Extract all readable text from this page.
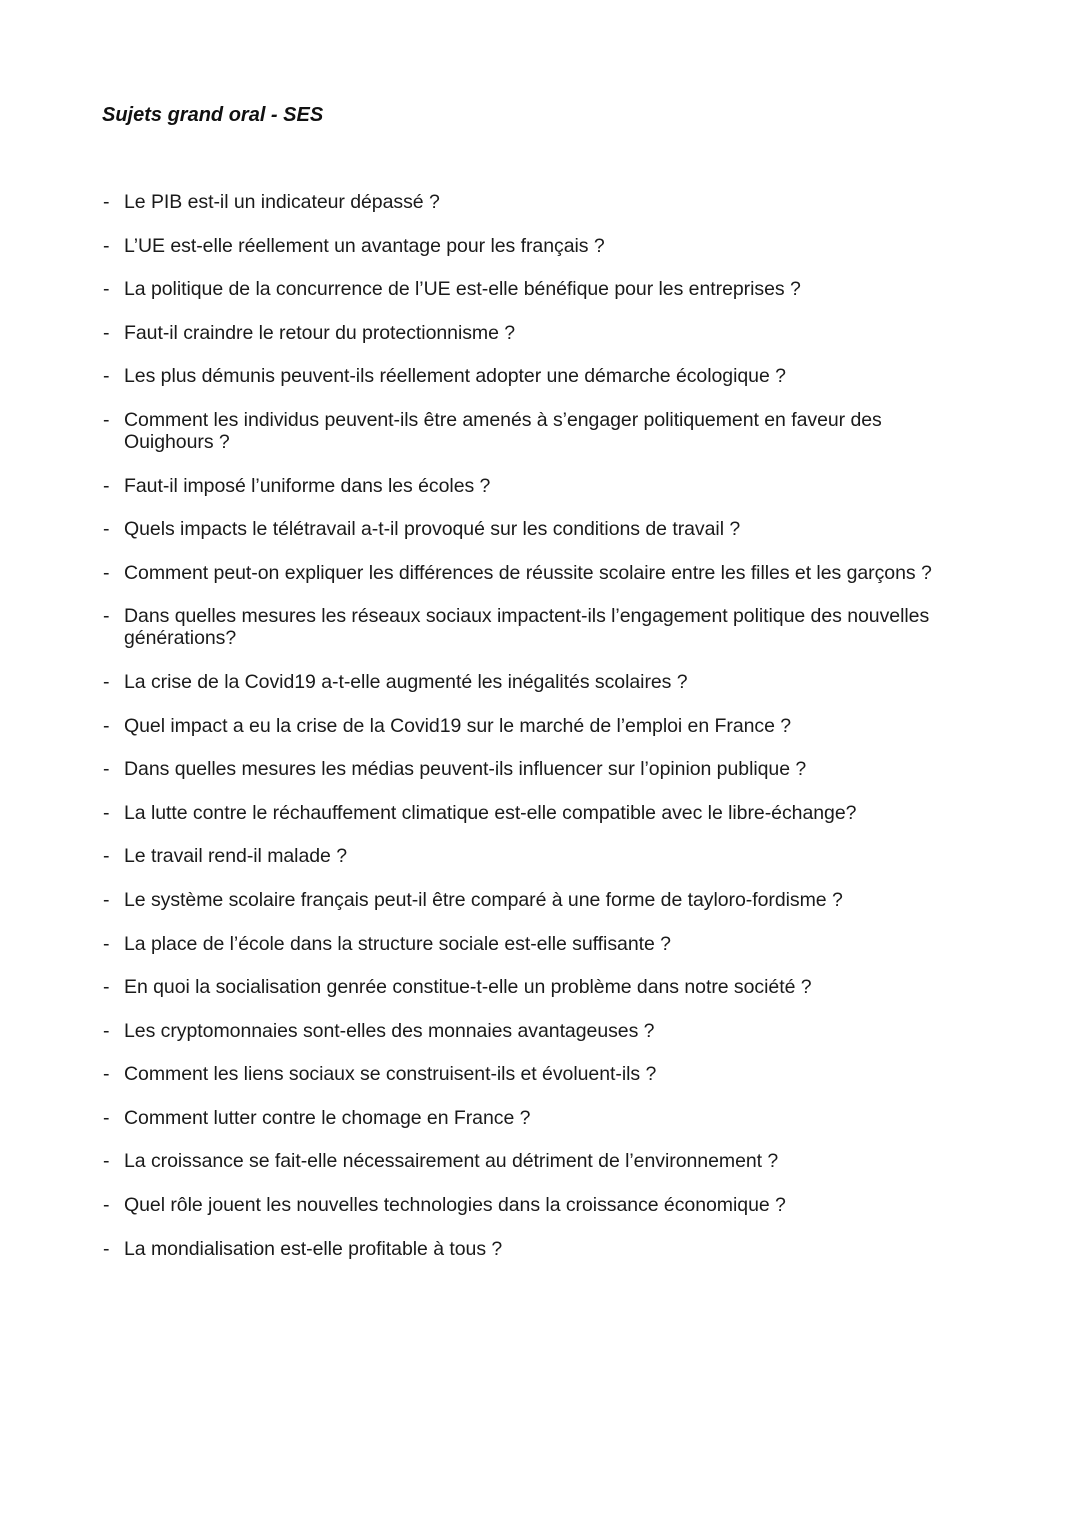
Sujets grand oral - SES
- Le PIB est-il un indicateur dépassé ?
- L’UE est-elle réellement un avantage pour les français ?
- La politique de la concurrence de l’UE est-elle bénéfique pour les entreprises ?
- Faut-il craindre le retour du protectionnisme ?
- Les plus démunis peuvent-ils réellement adopter une démarche écologique ?
- Comment les individus peuvent-ils être amenés à s’engager politiquement en faveur des Ouighours ?
- Faut-il imposé l’uniforme dans les écoles ?
- Quels impacts le télétravail a-t-il provoqué sur les conditions de travail ?
- Comment peut-on expliquer les différences de réussite scolaire entre les filles et les garçons ?
- Dans quelles mesures les réseaux sociaux impactent-ils l’engagement politique des nouvelles générations?
- La crise de la Covid19 a-t-elle augmenté les inégalités scolaires ?
- Quel impact a eu la crise de la Covid19 sur le marché de l’emploi en France ?
- Dans quelles mesures les médias peuvent-ils influencer sur l’opinion publique ?
- La lutte contre le réchauffement climatique est-elle compatible avec le libre-échange?
- Le travail rend-il malade ?
- Le système scolaire français peut-il être comparé à une forme de tayloro-fordisme ?
- La place de l’école dans la structure sociale est-elle suffisante ?
- En quoi la socialisation genrée constitue-t-elle un problème dans notre société ?
- Les cryptomonnaies sont-elles des monnaies avantageuses ?
- Comment les liens sociaux se construisent-ils et évoluent-ils ?
- Comment lutter contre le chomage en France ?
- La croissance se fait-elle nécessairement au détriment de l’environnement ?
- Quel rôle jouent les nouvelles technologies dans la croissance économique ?
- La mondialisation est-elle profitable à tous ?
